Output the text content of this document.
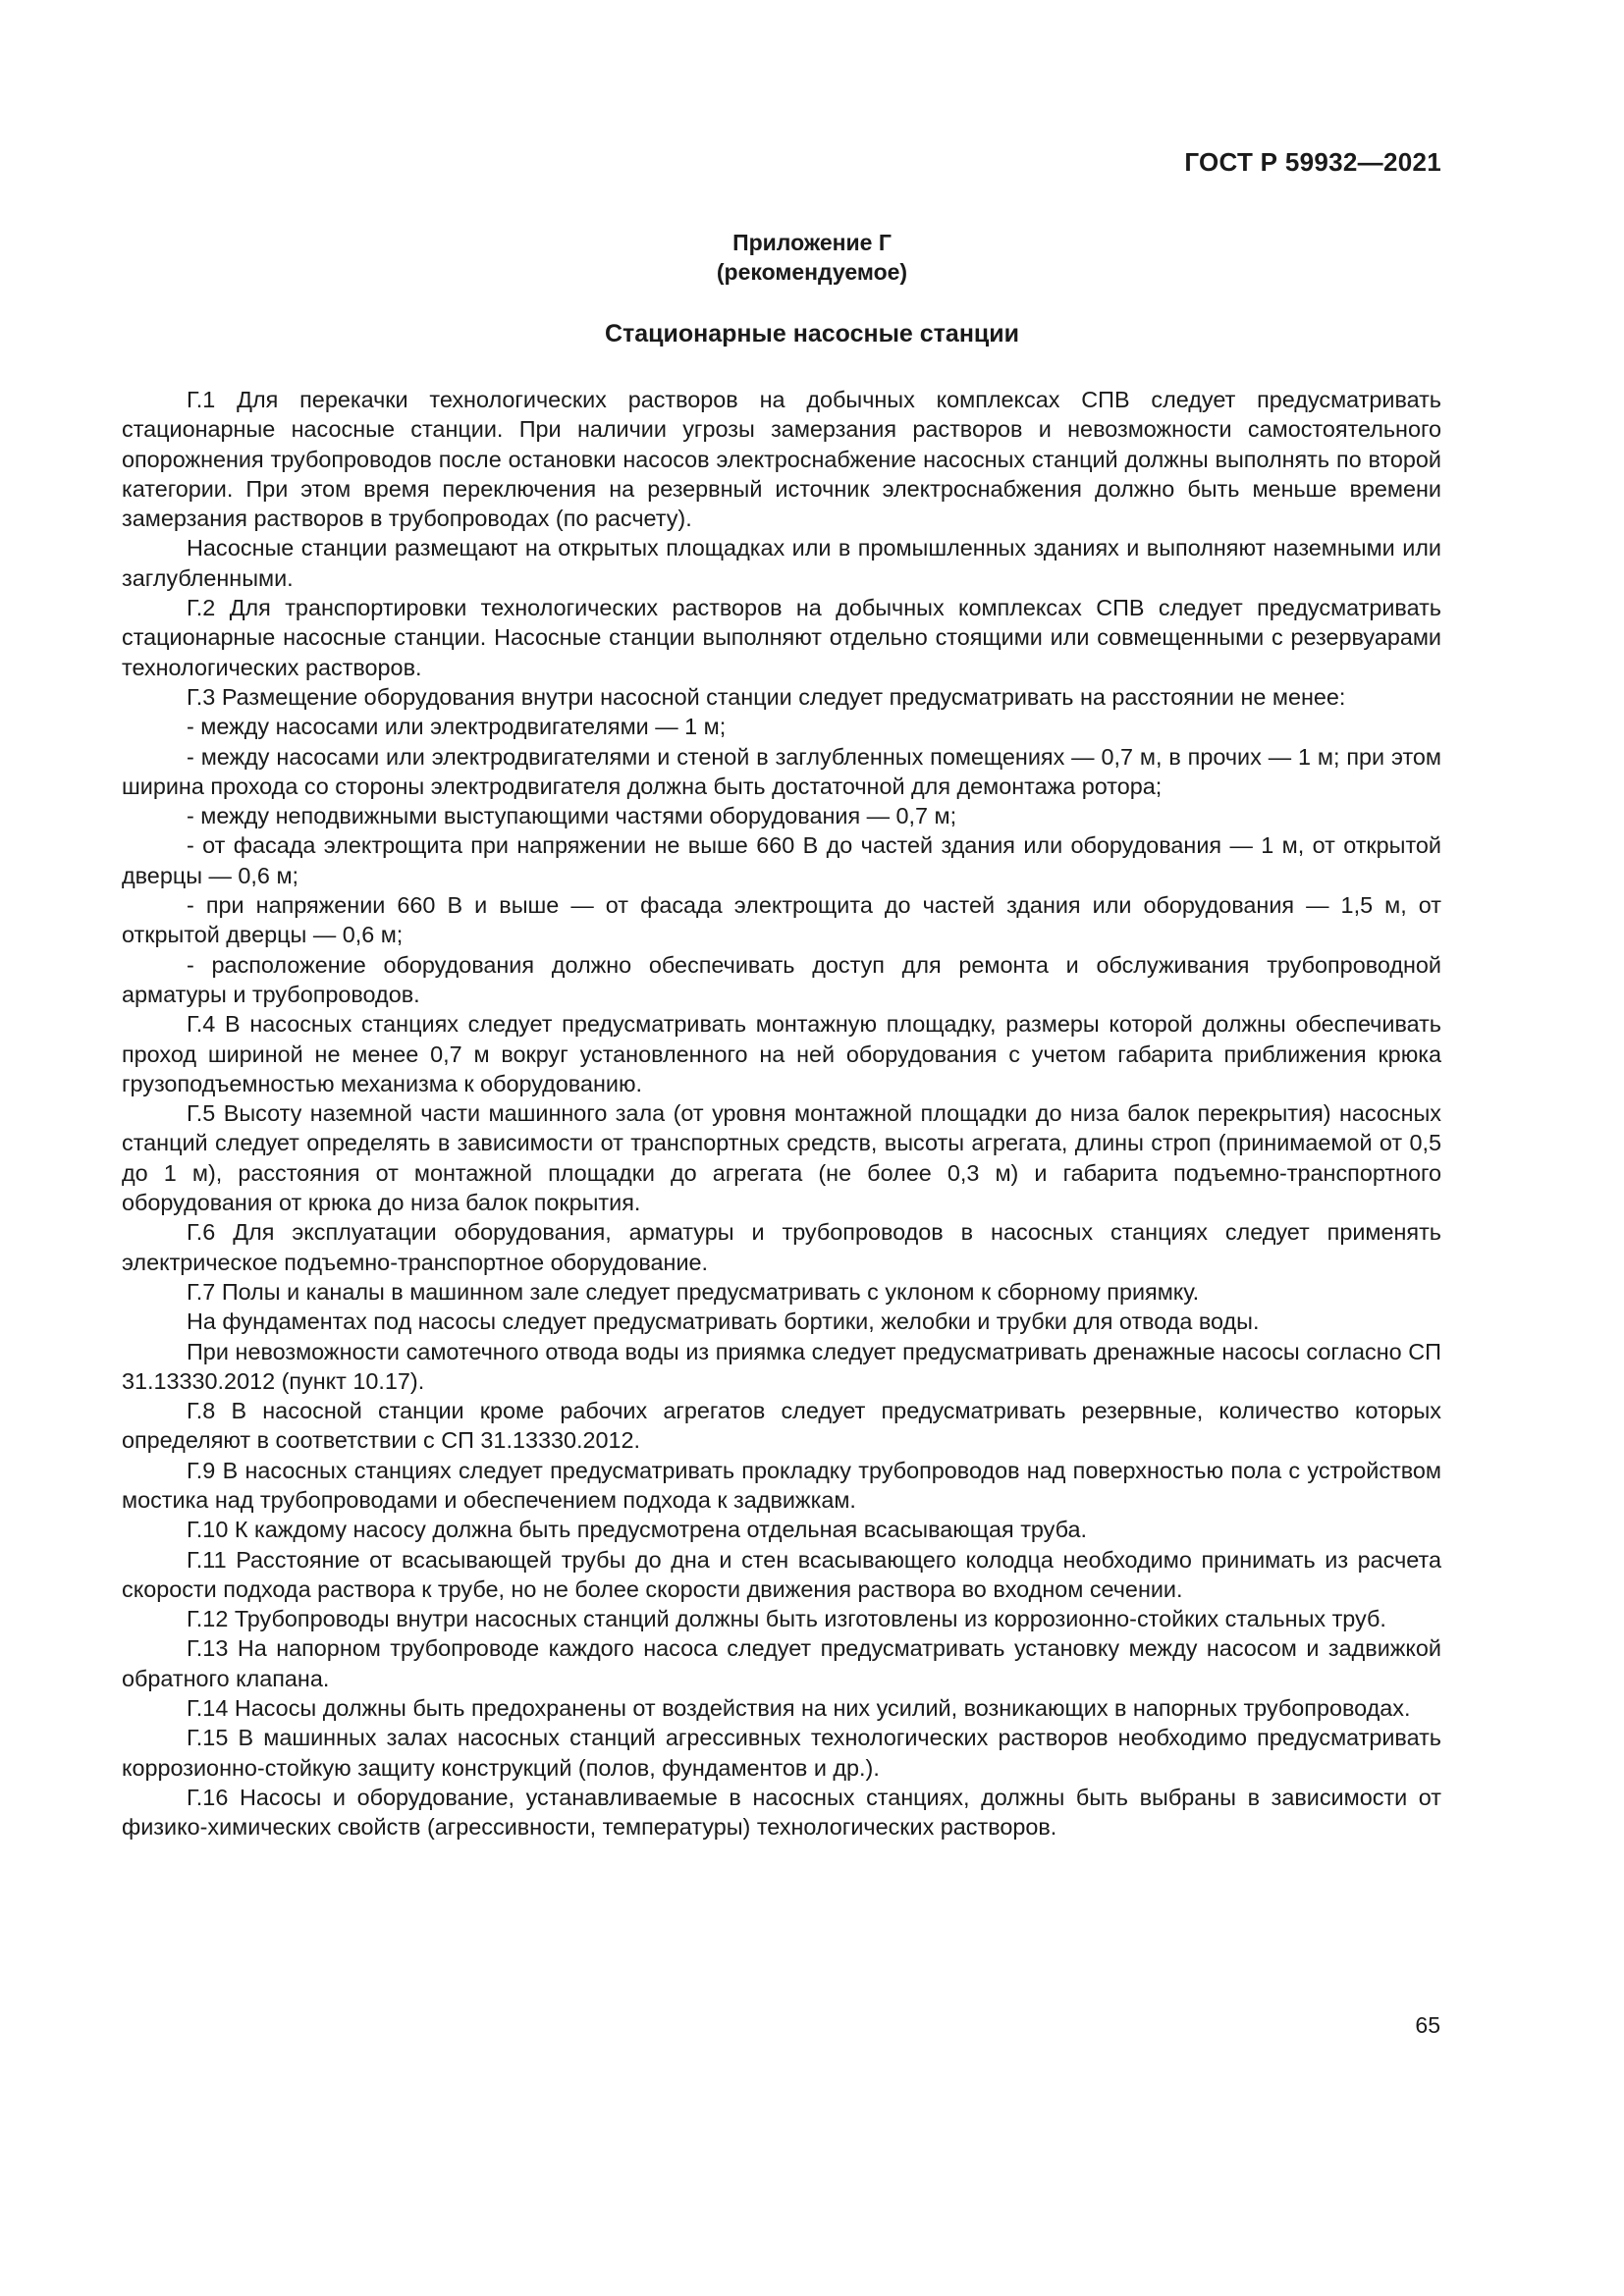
ГОСТ Р 59932—2021
Приложение Г
(рекомендуемое)
Стационарные насосные станции

Г.1 Для перекачки технологических растворов на добычных комплексах СПВ следует предусматривать стационарные насосные станции. При наличии угрозы замерзания растворов и невозможности самостоятельного опорожнения трубопроводов после остановки насосов электроснабжение насосных станций должны выполнять по второй категории. При этом время переключения на резервный источник электроснабжения должно быть меньше времени замерзания растворов в трубопроводах (по расчету).

Насосные станции размещают на открытых площадках или в промышленных зданиях и выполняют наземными или заглубленными.

Г.2 Для транспортировки технологических растворов на добычных комплексах СПВ следует предусматривать стационарные насосные станции. Насосные станции выполняют отдельно стоящими или совмещенными с резервуарами технологических растворов.

Г.3 Размещение оборудования внутри насосной станции следует предусматривать на расстоянии не менее:

- между насосами или электродвигателями — 1 м;

- между насосами или электродвигателями и стеной в заглубленных помещениях — 0,7 м, в прочих — 1 м; при этом ширина прохода со стороны электродвигателя должна быть достаточной для демонтажа ротора;

- между неподвижными выступающими частями оборудования — 0,7 м;

- от фасада электрощита при напряжении не выше 660 В до частей здания или оборудования — 1 м, от открытой дверцы — 0,6 м;

- при напряжении 660 В и выше — от фасада электрощита до частей здания или оборудования — 1,5 м, от открытой дверцы — 0,6 м;

- расположение оборудования должно обеспечивать доступ для ремонта и обслуживания трубопроводной арматуры и трубопроводов.

Г.4 В насосных станциях следует предусматривать монтажную площадку, размеры которой должны обеспечивать проход шириной не менее 0,7 м вокруг установленного на ней оборудования с учетом габарита приближения крюка грузоподъемностью механизма к оборудованию.

Г.5 Высоту наземной части машинного зала (от уровня монтажной площадки до низа балок перекрытия) насосных станций следует определять в зависимости от транспортных средств, высоты агрегата, длины строп (принимаемой от 0,5 до 1 м), расстояния от монтажной площадки до агрегата (не более 0,3 м) и габарита подъемно-транспортного оборудования от крюка до низа балок покрытия.

Г.6 Для эксплуатации оборудования, арматуры и трубопроводов в насосных станциях следует применять электрическое подъемно-транспортное оборудование.

Г.7 Полы и каналы в машинном зале следует предусматривать с уклоном к сборному приямку.

На фундаментах под насосы следует предусматривать бортики, желобки и трубки для отвода воды.

При невозможности самотечного отвода воды из приямка следует предусматривать дренажные насосы согласно СП 31.13330.2012 (пункт 10.17).

Г.8 В насосной станции кроме рабочих агрегатов следует предусматривать резервные, количество которых определяют в соответствии с СП 31.13330.2012.

Г.9 В насосных станциях следует предусматривать прокладку трубопроводов над поверхностью пола с устройством мостика над трубопроводами и обеспечением подхода к задвижкам.

Г.10 К каждому насосу должна быть предусмотрена отдельная всасывающая труба.

Г.11 Расстояние от всасывающей трубы до дна и стен всасывающего колодца необходимо принимать из расчета скорости подхода раствора к трубе, но не более скорости движения раствора во входном сечении.

Г.12 Трубопроводы внутри насосных станций должны быть изготовлены из коррозионно-стойких стальных труб.

Г.13 На напорном трубопроводе каждого насоса следует предусматривать установку между насосом и задвижкой обратного клапана.

Г.14 Насосы должны быть предохранены от воздействия на них усилий, возникающих в напорных трубопроводах.

Г.15 В машинных залах насосных станций агрессивных технологических растворов необходимо предусматривать коррозионно-стойкую защиту конструкций (полов, фундаментов и др.).

Г.16 Насосы и оборудование, устанавливаемые в насосных станциях, должны быть выбраны в зависимости от физико-химических свойств (агрессивности, температуры) технологических растворов.

65
